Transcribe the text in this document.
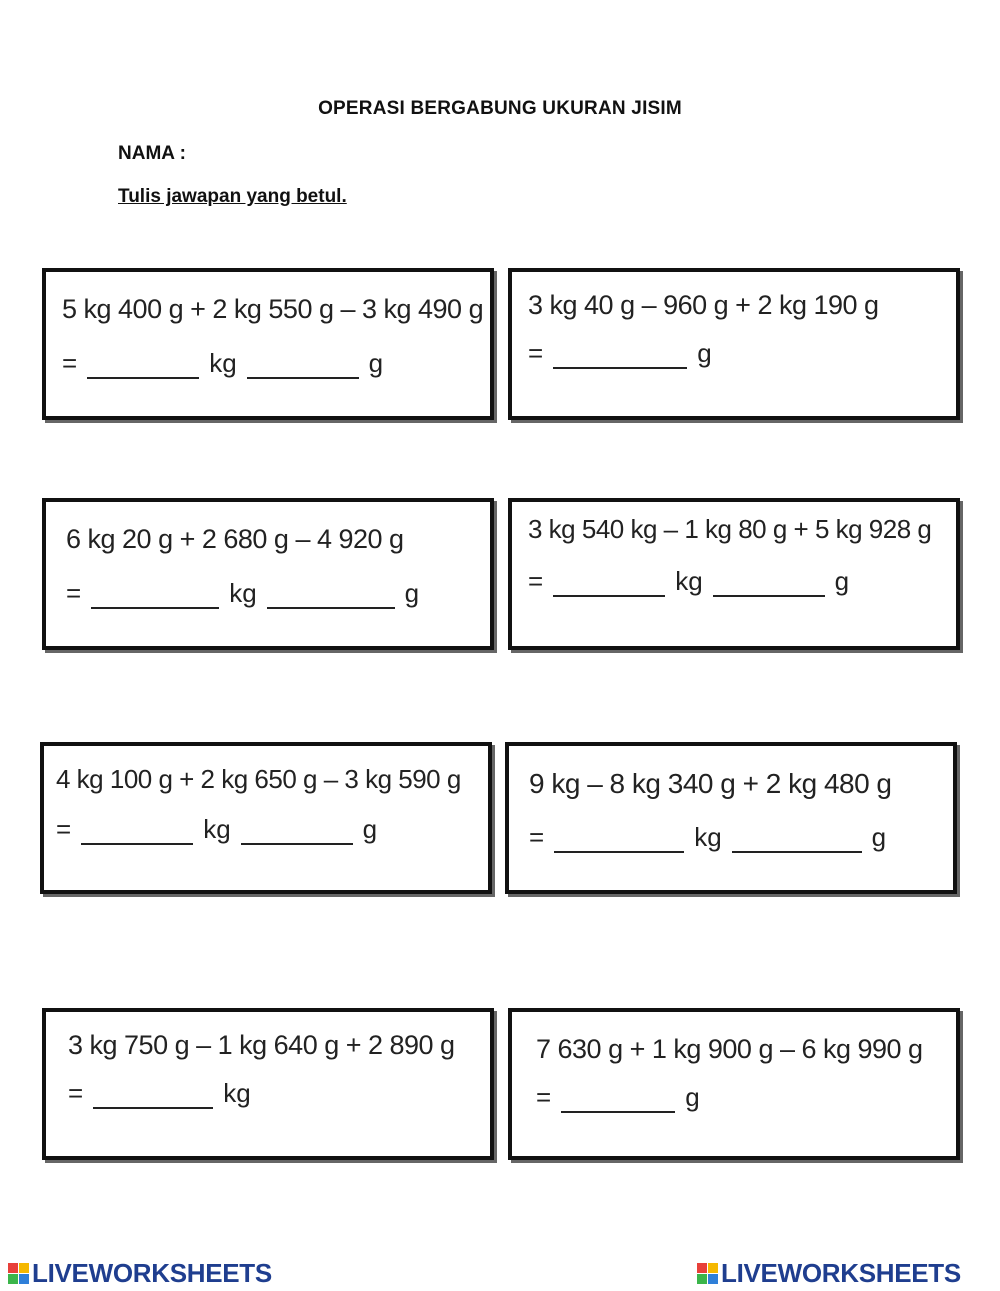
OPERASI BERGABUNG UKURAN JISIM
NAMA :
Tulis jawapan yang betul.
5 kg 400 g + 2 kg 550 g – 3 kg 490 g
=	kg	g
3 kg 40 g – 960 g + 2 kg 190 g
=	g
6 kg 20 g + 2 680 g – 4 920 g
=	kg	g
3 kg 540 kg – 1 kg 80 g + 5 kg 928 g
=	kg	g
4 kg 100 g + 2 kg 650 g – 3 kg 590 g
=	kg	g
9 kg – 8 kg 340 g + 2 kg 480 g
=	kg	g
3 kg 750 g – 1 kg 640 g + 2 890 g
=	kg
7 630 g + 1 kg 900 g – 6 kg 990 g
=	g
LIVEWORKSHEETS	LIVEWORKSHEETS
